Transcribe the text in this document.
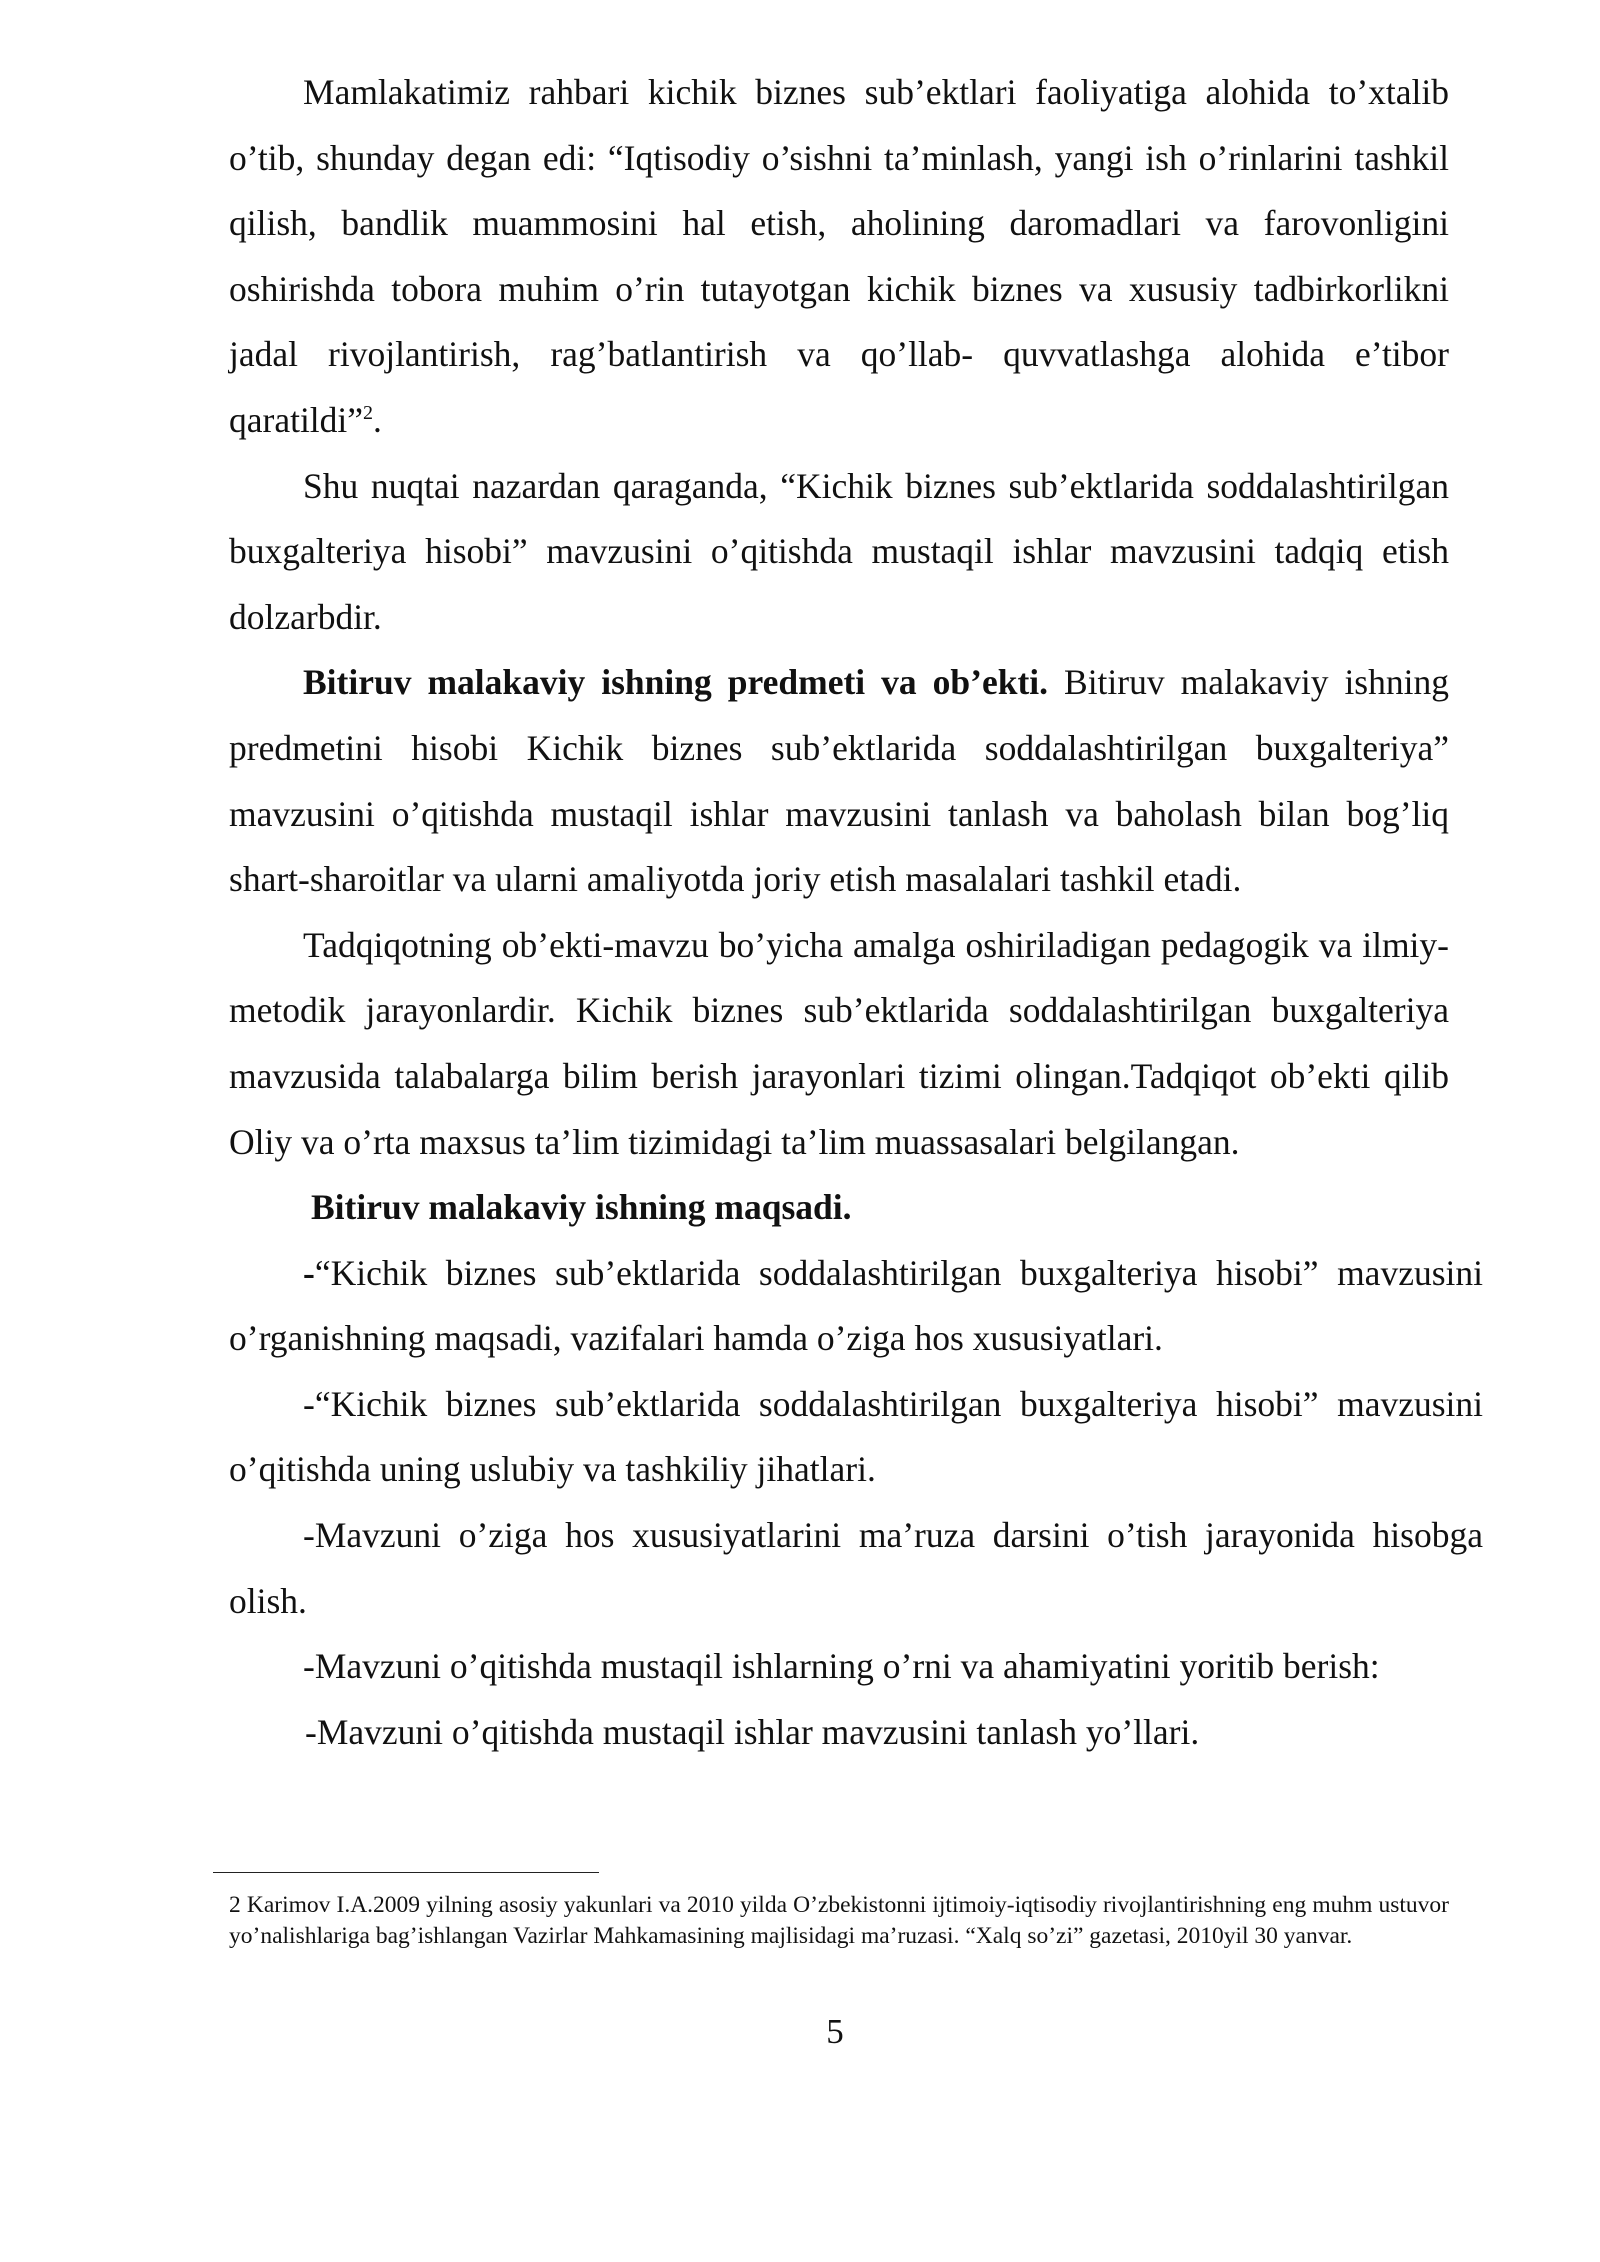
Mamlakatimiz rahbari kichik biznes sub’ektlari faoliyatiga alohida to’xtalib o’tib, shunday degan edi: “Iqtisodiy o’sishni ta’minlash, yangi ish o’rinlarini tashkil qilish, bandlik muammosini hal etish, aholining daromadlari va farovonligini oshirishda tobora muhim o’rin tutayotgan kichik biznes va xususiy tadbirkorlikni jadal rivojlantirish, rag’batlantirish va qo’llab- quvvatlashga alohida e’tibor qaratildi”$^2$.

Shu nuqtai nazardan qaraganda, “Kichik biznes sub’ektlarida soddalashtirilgan buxgalteriya hisobi” mavzusini o’qitishda mustaqil ishlar mavzusini tadqiq etish dolzarbdir.

Bitiruv malakaviy ishning predmeti va ob’ekti. Bitiruv malakaviy ishning predmetini hisobi Kichik biznes sub’ektlarida soddalashtirilgan buxgalteriya” mavzusini o’qitishda mustaqil ishlar mavzusini tanlash va baholash bilan bog’liq shart-sharoitlar va ularni amaliyotda joriy etish masalalari tashkil etadi.

Tadqiqotning ob’ekti-mavzu bo’yicha amalga oshiriladigan pedagogik va ilmiy-metodik jarayonlardir. Kichik biznes sub’ektlarida soddalashtirilgan buxgalteriya mavzusida talabalarga bilim berish jarayonlari tizimi olingan.Tadqiqot ob’ekti qilib Oliy va o’rta maxsus ta’lim tizimidagi ta’lim muassasalari belgilangan.

Bitiruv malakaviy ishning maqsadi.

-“Kichik biznes sub’ektlarida soddalashtirilgan buxgalteriya hisobi” mavzusini o’rganishning maqsadi, vazifalari hamda o’ziga hos xususiyatlari.

-“Kichik biznes sub’ektlarida soddalashtirilgan buxgalteriya hisobi” mavzusini o’qitishda uning uslubiy va tashkiliy jihatlari.

-Mavzuni o’ziga hos xususiyatlarini ma’ruza darsini o’tish jarayonida hisobga olish.

-Mavzuni o’qitishda mustaqil ishlarning o’rni va ahamiyatini yoritib berish:

-Mavzuni o’qitishda mustaqil ishlar mavzusini tanlash yo’llari.

2 Karimov I.A.2009 yilning asosiy yakunlari va 2010 yilda O’zbekistonni ijtimoiy-iqtisodiy rivojlantirishning eng muhm ustuvor yo’nalishlariga bag’ishlangan Vazirlar Mahkamasining majlisidagi ma’ruzasi. “Xalq so’zi” gazetasi, 2010yil 30 yanvar.

5
